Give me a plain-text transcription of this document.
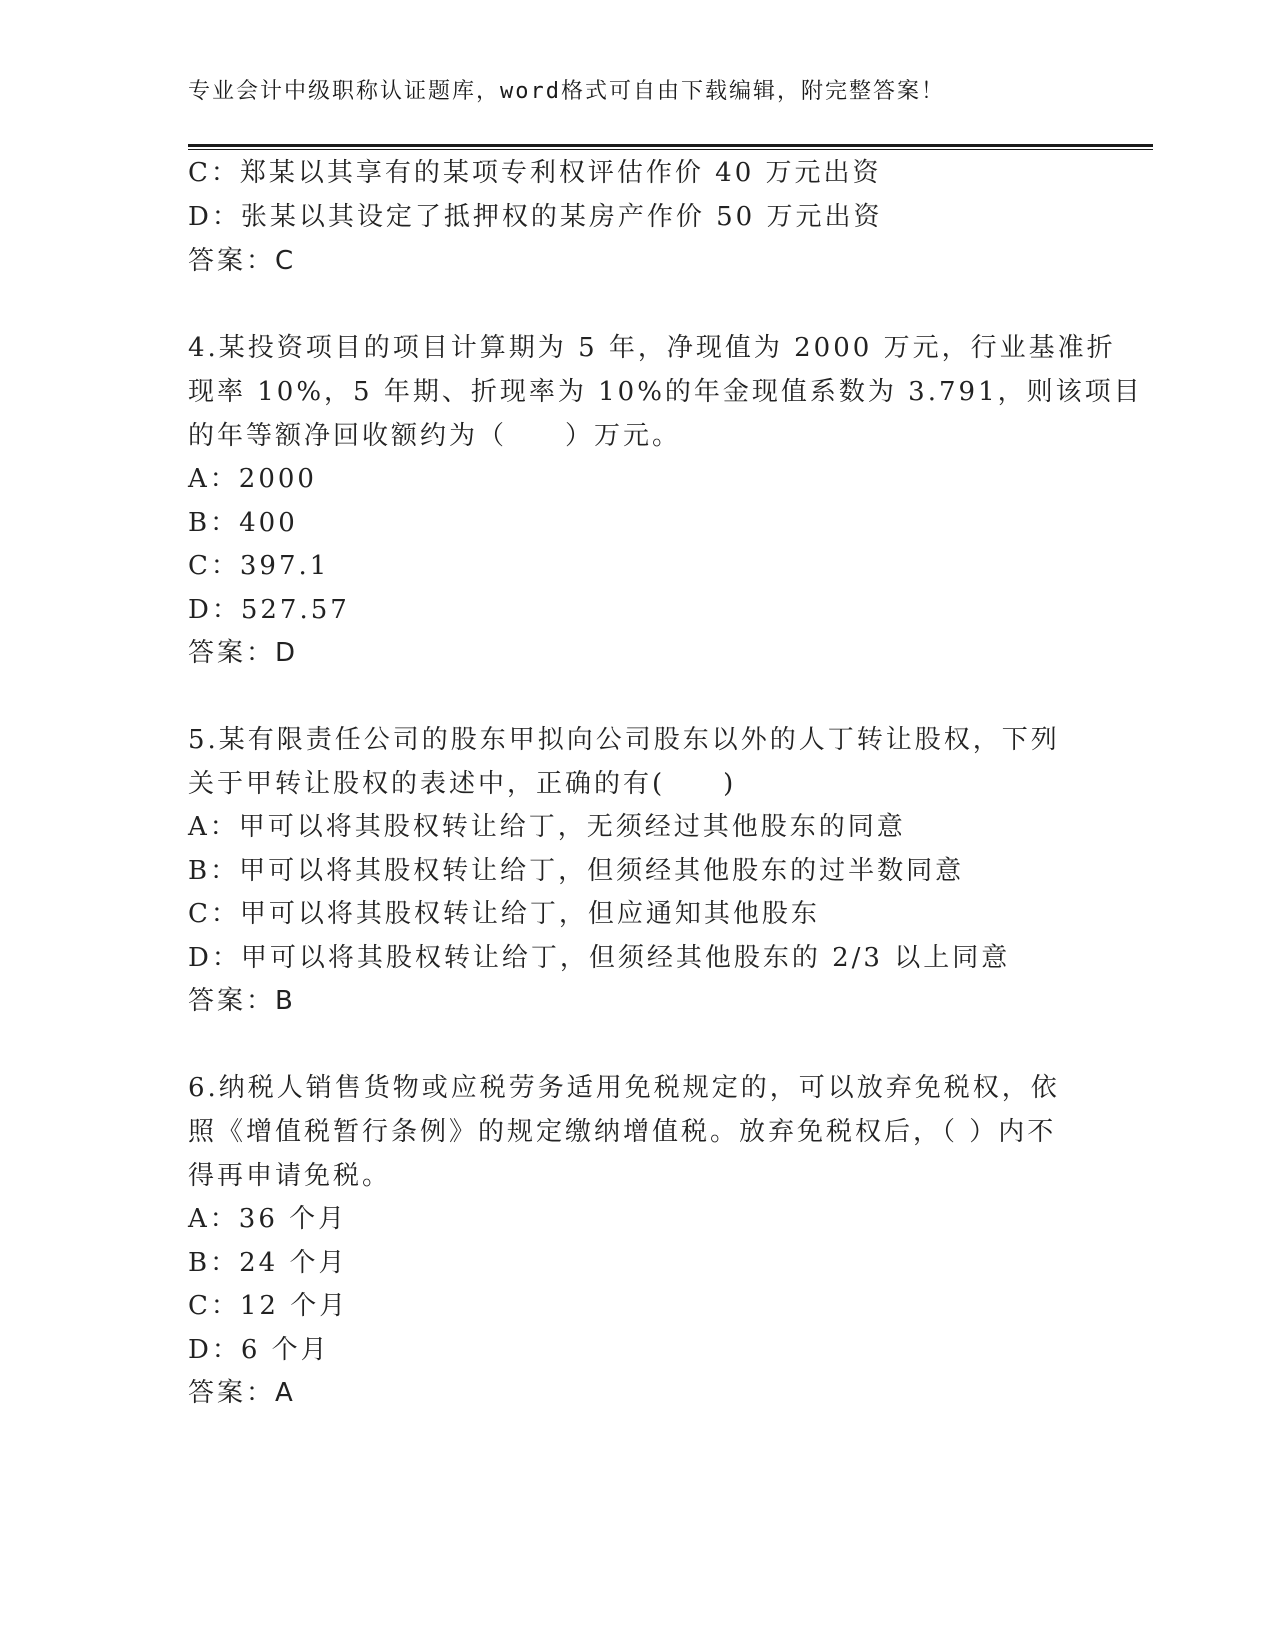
专业会计中级职称认证题库，word格式可自由下载编辑，附完整答案！
C：郑某以其享有的某项专利权评估作价 40 万元出资
D：张某以其设定了抵押权的某房产作价 50 万元出资
答案：C
4.某投资项目的项目计算期为 5 年，净现值为 2000 万元，行业基准折
现率 10%，5 年期、折现率为 10%的年金现值系数为 3.791，则该项目
的年等额净回收额约为（　　）万元。
A：2000
B：400
C：397.1
D：527.57
答案：D
5.某有限责任公司的股东甲拟向公司股东以外的人丁转让股权，下列
关于甲转让股权的表述中，正确的有(　　)
A：甲可以将其股权转让给丁，无须经过其他股东的同意
B：甲可以将其股权转让给丁，但须经其他股东的过半数同意
C：甲可以将其股权转让给丁，但应通知其他股东
D：甲可以将其股权转让给丁，但须经其他股东的 2/3 以上同意
答案：B
6.纳税人销售货物或应税劳务适用免税规定的，可以放弃免税权，依
照《增值税暂行条例》的规定缴纳增值税。放弃免税权后，（ ）内不
得再申请免税。
A：36 个月
B：24 个月
C：12 个月
D：6 个月
答案：A
